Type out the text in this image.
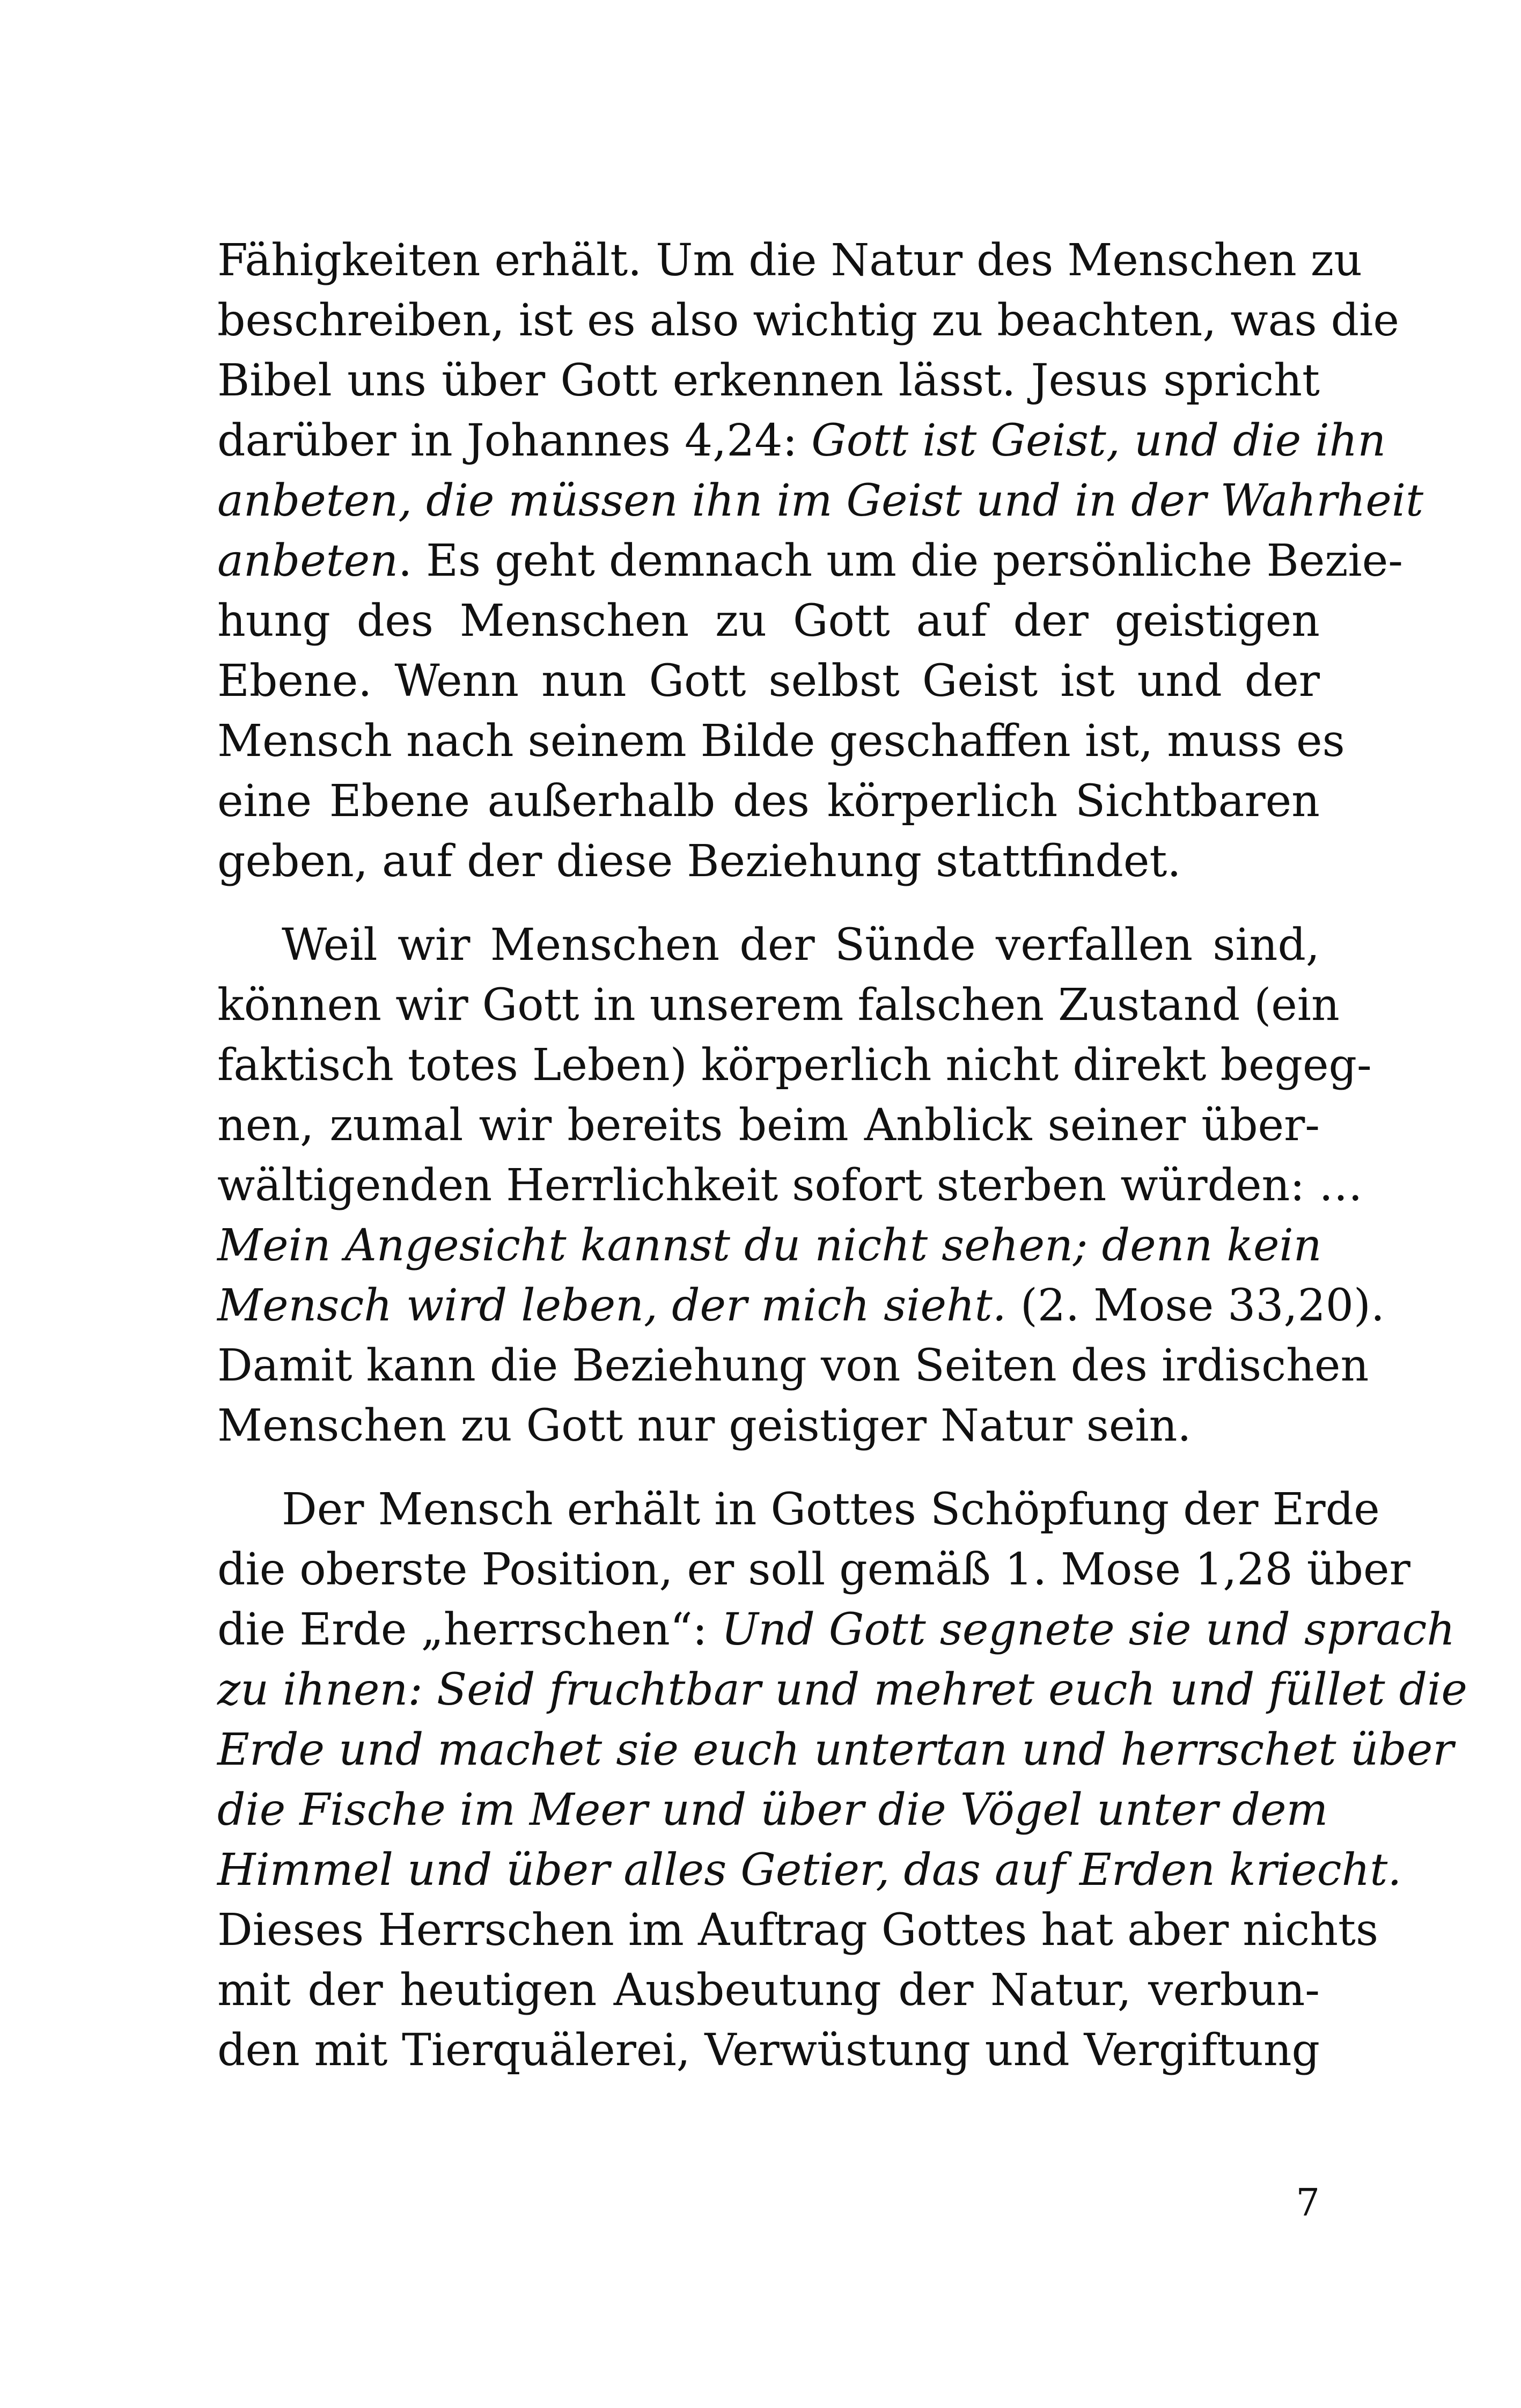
Fähigkeiten erhält. Um die Natur des Menschen zu
beschreiben, ist es also wichtig zu beachten, was die
Bibel uns über Gott erkennen lässt. Jesus spricht
darüber in Johannes 4,24: Gott ist Geist, und die ihn
anbeten, die müssen ihn im Geist und in der Wahrheit
anbeten. Es geht demnach um die persönliche Bezie-
hung des Menschen zu Gott auf der geistigen
Ebene. Wenn nun Gott selbst Geist ist und der
Mensch nach seinem Bilde geschaffen ist, muss es
eine Ebene außerhalb des körperlich Sichtbaren
geben, auf der diese Beziehung stattfindet.
Weil wir Menschen der Sünde verfallen sind,
können wir Gott in unserem falschen Zustand (ein
faktisch totes Leben) körperlich nicht direkt begeg-
nen, zumal wir bereits beim Anblick seiner über-
wältigenden Herrlichkeit sofort sterben würden: …
Mein Angesicht kannst du nicht sehen; denn kein
Mensch wird leben, der mich sieht. (2. Mose 33,20).
Damit kann die Beziehung von Seiten des irdischen
Menschen zu Gott nur geistiger Natur sein.
Der Mensch erhält in Gottes Schöpfung der Erde
die oberste Position, er soll gemäß 1. Mose 1,28 über
die Erde „herrschen“: Und Gott segnete sie und sprach
zu ihnen: Seid fruchtbar und mehret euch und füllet die
Erde und machet sie euch untertan und herrschet über
die Fische im Meer und über die Vögel unter dem
Himmel und über alles Getier, das auf Erden kriecht.
Dieses Herrschen im Auftrag Gottes hat aber nichts
mit der heutigen Ausbeutung der Natur, verbun-
den mit Tierquälerei, Verwüstung und Vergiftung
7
